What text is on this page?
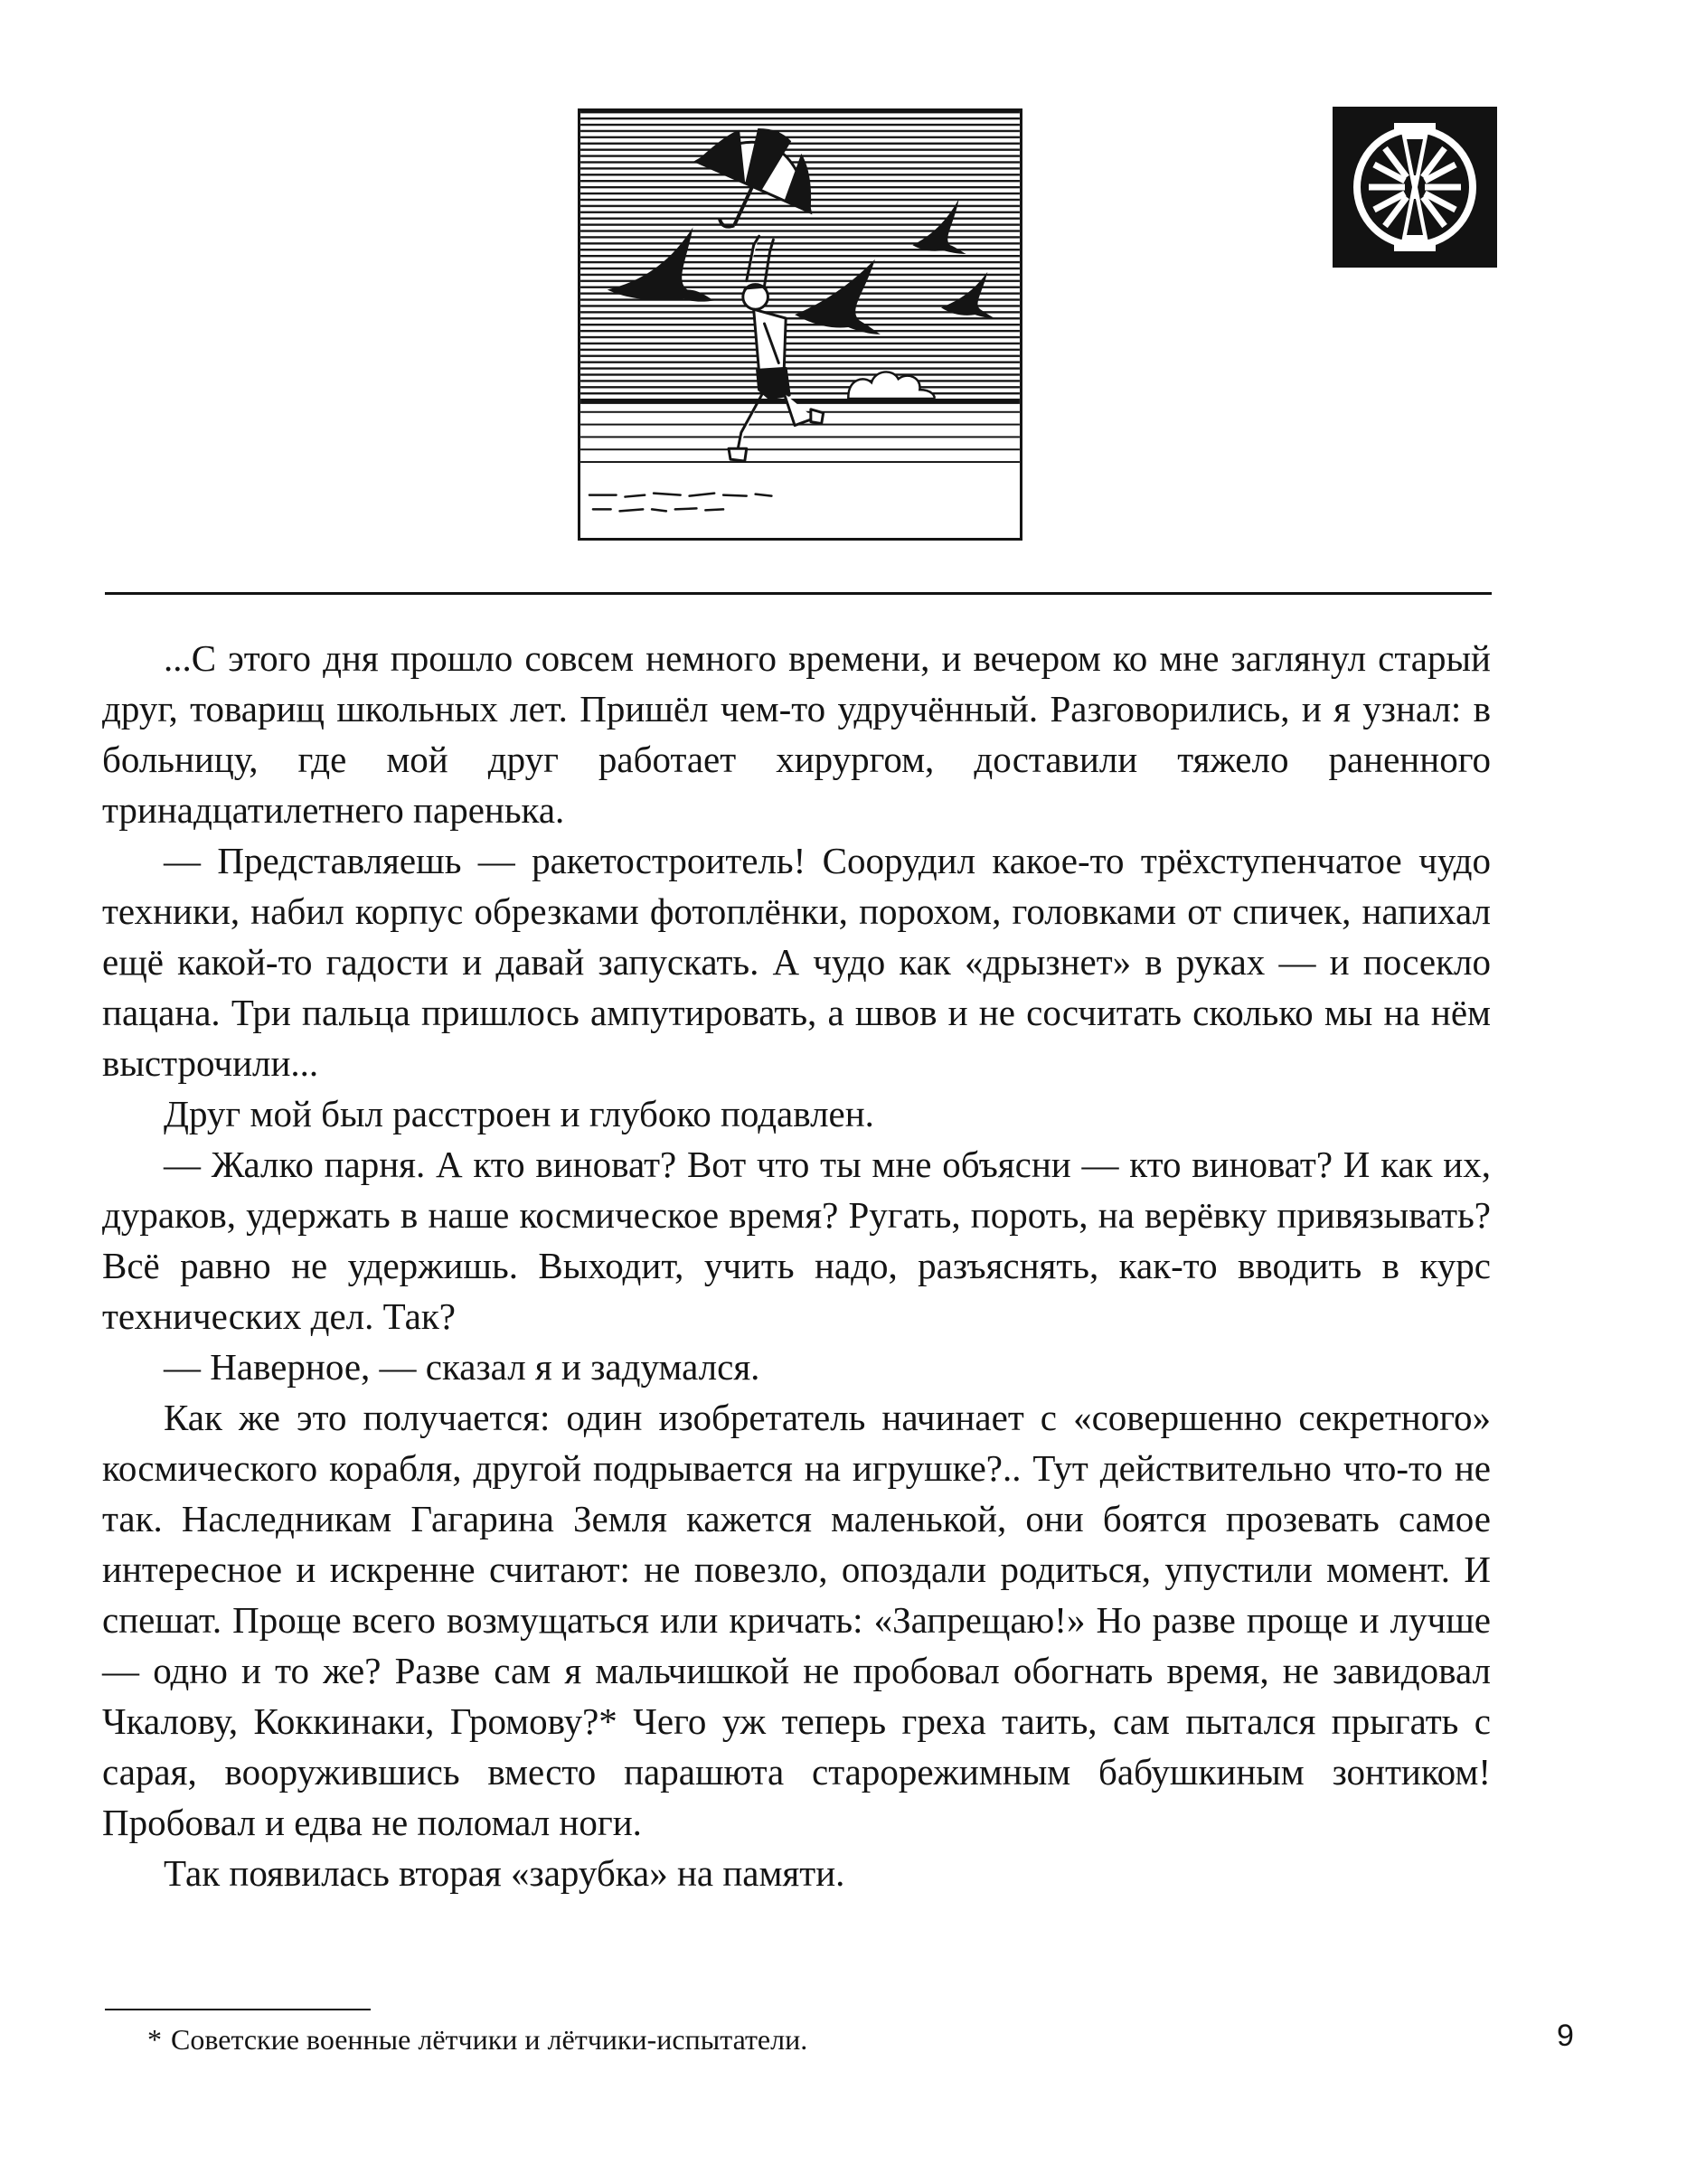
...С этого дня прошло совсем немного времени, и вечером ко мне заглянул старый друг, товарищ школьных лет. Пришёл чем-то удручённый. Разговорились, и я узнал: в больницу, где мой друг работает хирургом, доставили тяжело раненного тринадцатилетнего паренька.

— Представляешь — ракетостроитель! Соорудил какое-то трёхступенчатое чудо техники, набил корпус обрезками фотоплёнки, порохом, головками от спичек, напихал ещё какой-то гадости и давай запускать. А чудо как «дрызнет» в руках — и посекло пацана. Три пальца пришлось ампутировать, а швов и не сосчитать сколько мы на нём выстрочили...

Друг мой был расстроен и глубоко подавлен.

— Жалко парня. А кто виноват? Вот что ты мне объясни — кто виноват? И как их, дураков, удержать в наше космическое время? Ругать, пороть, на верёвку привязывать? Всё равно не удержишь. Выходит, учить надо, разъяснять, как-то вводить в курс технических дел. Так?

— Наверное, — сказал я и задумался.

Как же это получается: один изобретатель начинает с «совершенно секретного» космического корабля, другой подрывается на игрушке?.. Тут действительно что-то не так. Наследникам Гагарина Земля кажется маленькой, они боятся прозевать самое интересное и искренне считают: не повезло, опоздали родиться, упустили момент. И спешат. Проще всего возмущаться или кричать: «Запрещаю!» Но разве проще и лучше — одно и то же? Разве сам я мальчишкой не пробовал обогнать время, не завидовал Чкалову, Коккинаки, Громову?* Чего уж теперь греха таить, сам пытался прыгать с сарая, вооружившись вместо парашюта старорежимным бабушкиным зонтиком! Пробовал и едва не поломал ноги.

Так появилась вторая «зарубка» на памяти.

* Советские военные лётчики и лётчики-испытатели.	9
